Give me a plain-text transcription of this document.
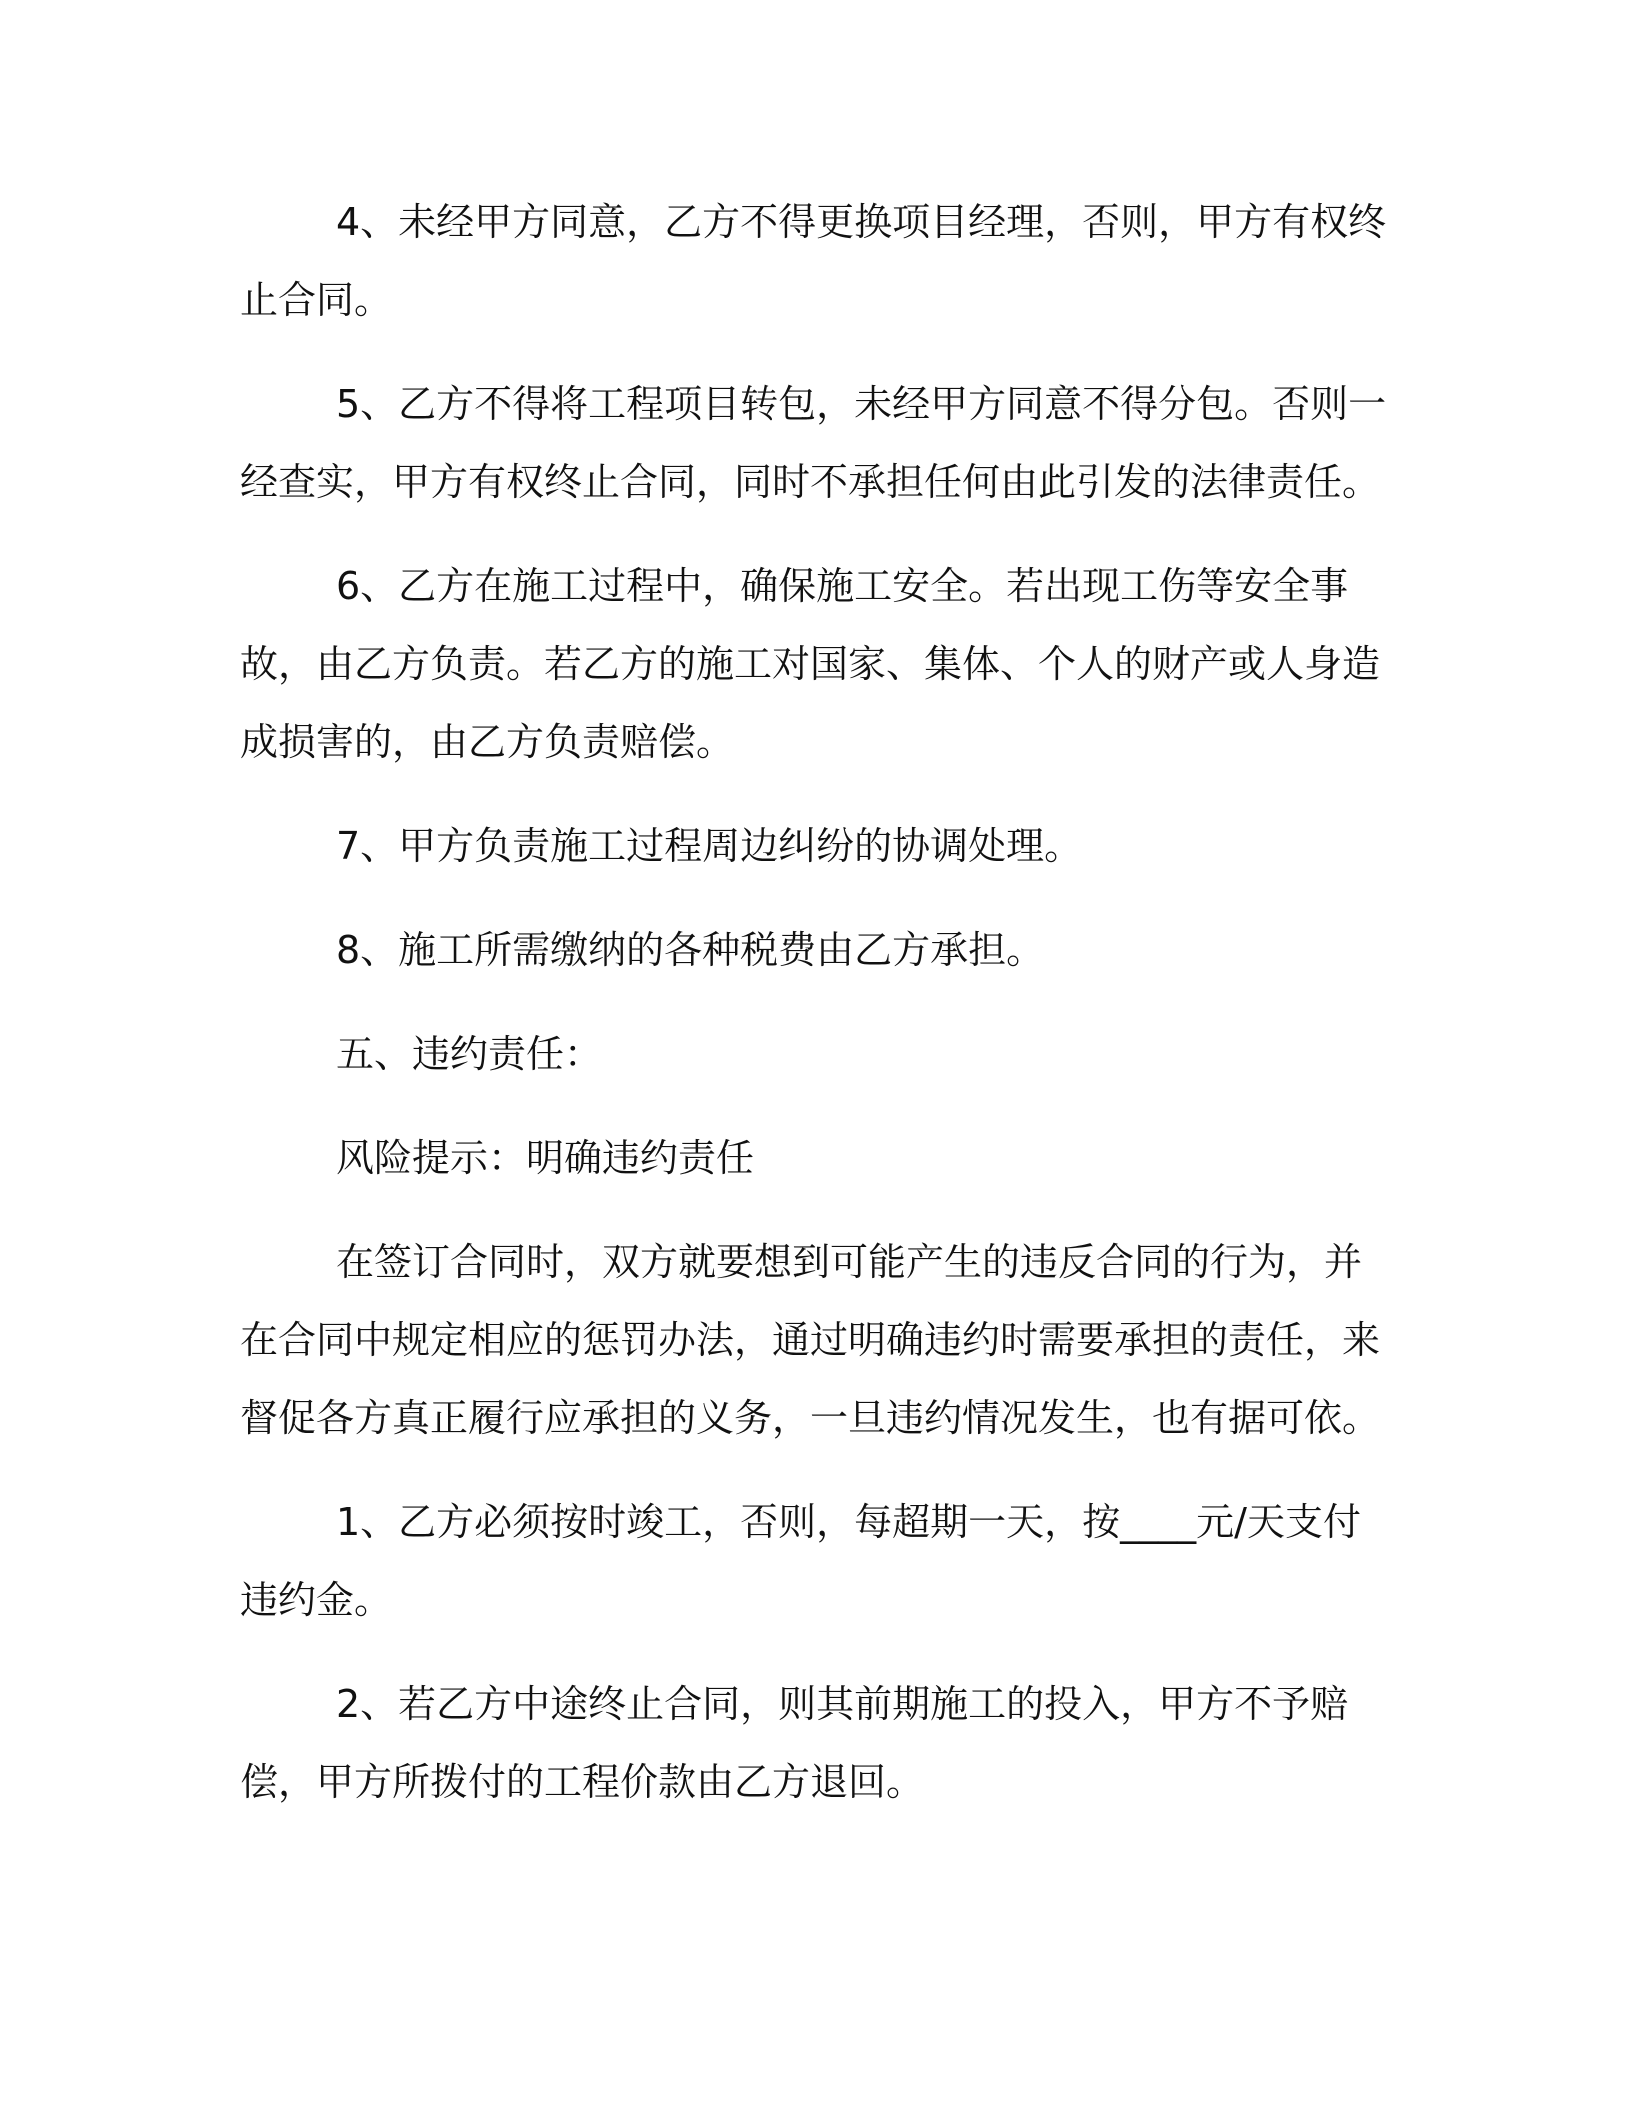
4、未经甲方同意，乙方不得更换项目经理，否则，甲方有权终止合同。

5、乙方不得将工程项目转包，未经甲方同意不得分包。否则一经查实，甲方有权终止合同，同时不承担任何由此引发的法律责任。

6、乙方在施工过程中，确保施工安全。若出现工伤等安全事故，由乙方负责。若乙方的施工对国家、集体、个人的财产或人身造成损害的，由乙方负责赔偿。

7、甲方负责施工过程周边纠纷的协调处理。

8、施工所需缴纳的各种税费由乙方承担。

五、违约责任：

风险提示：明确违约责任

在签订合同时，双方就要想到可能产生的违反合同的行为，并在合同中规定相应的惩罚办法，通过明确违约时需要承担的责任，来督促各方真正履行应承担的义务，一旦违约情况发生，也有据可依。

1、乙方必须按时竣工，否则，每超期一天，按____元/天支付违约金。

2、若乙方中途终止合同，则其前期施工的投入，甲方不予赔偿，甲方所拨付的工程价款由乙方退回。
